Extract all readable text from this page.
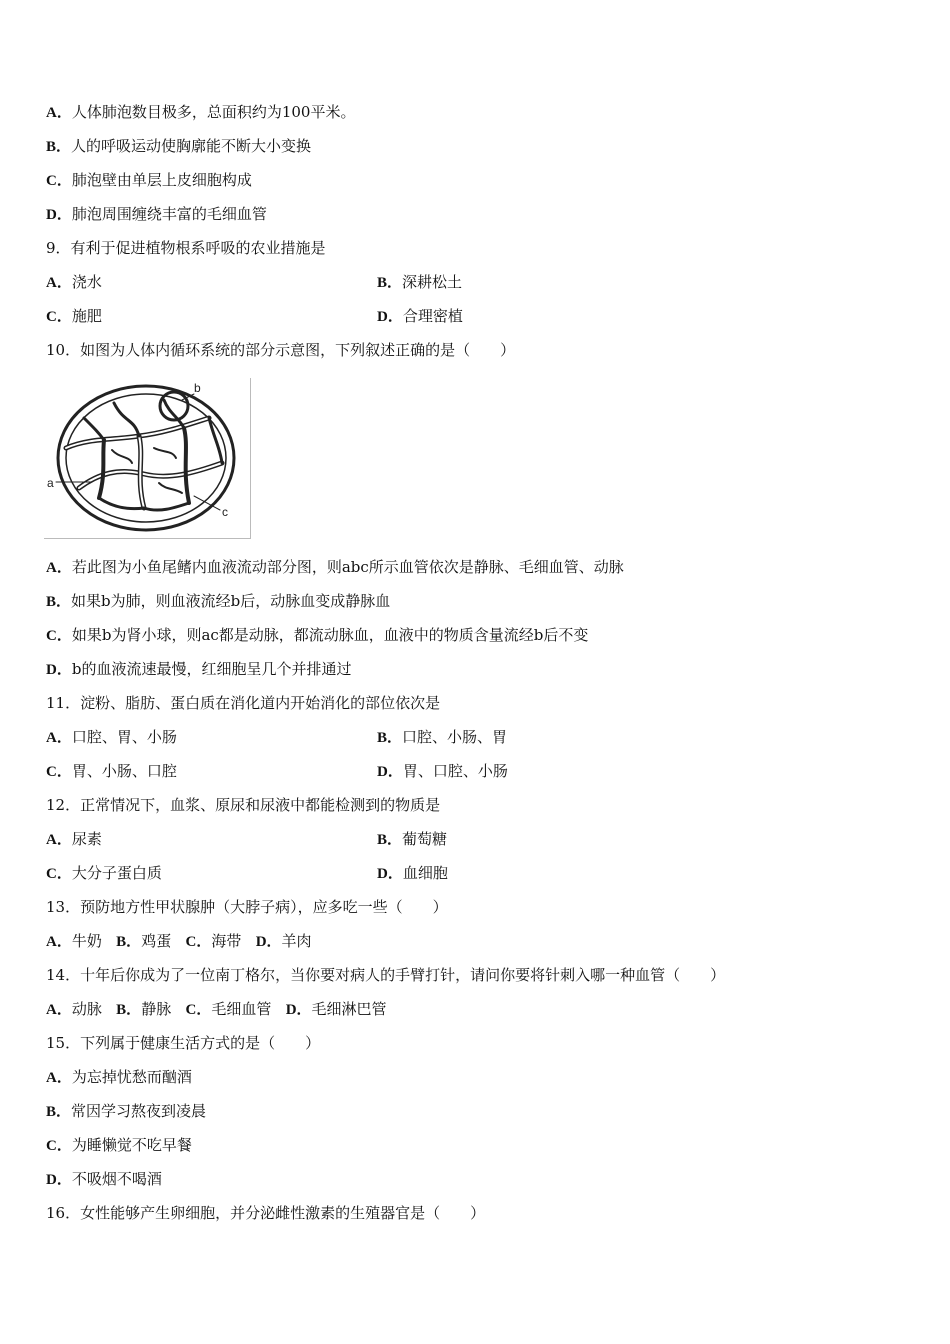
A．人体肺泡数目极多，总面积约为100平米。
B．人的呼吸运动使胸廓能不断大小变换
C．肺泡壁由单层上皮细胞构成
D．肺泡周围缠绕丰富的毛细血管
9．有利于促进植物根系呼吸的农业措施是
A．浇水	B．深耕松土
C．施肥	D．合理密植
10．如图为人体内循环系统的部分示意图，下列叙述正确的是（　　）
b
a
c
A．若此图为小鱼尾鳍内血液流动部分图，则abc所示血管依次是静脉、毛细血管、动脉
B．如果b为肺，则血液流经b后，动脉血变成静脉血
C．如果b为肾小球，则ac都是动脉，都流动脉血，血液中的物质含量流经b后不变
D．b的血液流速最慢，红细胞呈几个并排通过
11．淀粉、脂肪、蛋白质在消化道内开始消化的部位依次是
A．口腔、胃、小肠	B．口腔、小肠、胃
C．胃、小肠、口腔	D．胃、口腔、小肠
12．正常情况下，血浆、原尿和尿液中都能检测到的物质是
A．尿素	B．葡萄糖
C．大分子蛋白质	D．血细胞
13．预防地方性甲状腺肿（大脖子病），应多吃一些（　　）
A．牛奶 B．鸡蛋 C．海带 D．羊肉
14．十年后你成为了一位南丁格尔，当你要对病人的手臂打针，请问你要将针刺入哪一种血管（　　）
A．动脉 B．静脉 C．毛细血管 D．毛细淋巴管
15．下列属于健康生活方式的是（　　）
A．为忘掉忧愁而酗酒
B．常因学习熬夜到凌晨
C．为睡懒觉不吃早餐
D．不吸烟不喝酒
16．女性能够产生卵细胞，并分泌雌性激素的生殖器官是（　　）
